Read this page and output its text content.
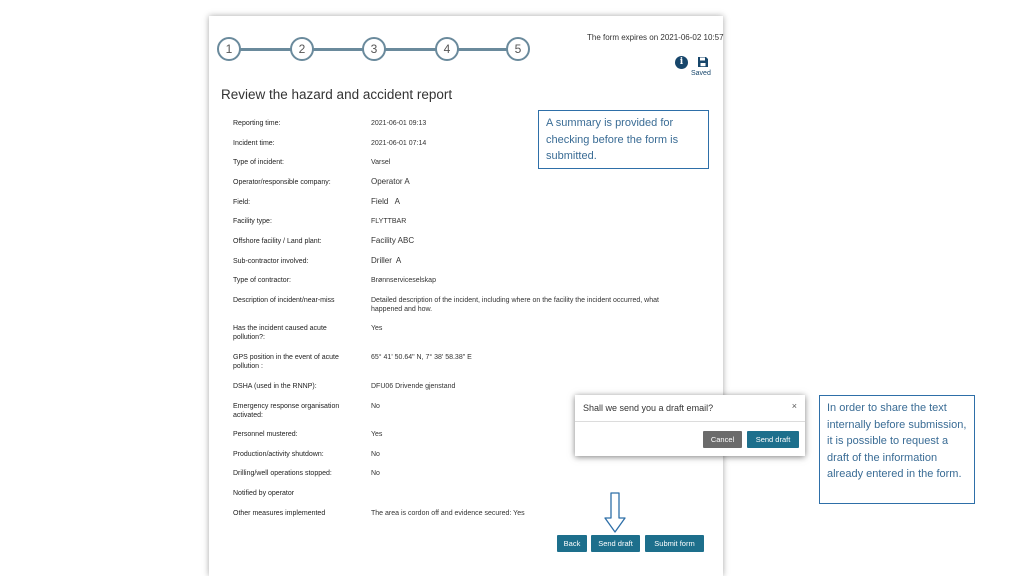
1	2	3	4	5
The form expires on 2021-06-02 10:57
i
Saved
Review the hazard and accident report
Reporting time:	2021-06-01 09:13
Incident time:	2021-06-01 07:14
Type of incident:	Varsel
Operator/responsible company:	Operator A
Field:	Field   A
Facility type:	FLYTTBAR
Offshore facility / Land plant:	Facility ABC
Sub-contractor involved:	Driller  A
Type of contractor:	Brønnserviceselskap
Description of incident/near-miss	Detailed description of the incident, including where on the facility the incident occurred, what happened and how.
Has the incident caused acute pollution?:
Yes
GPS position in the event of acute pollution :
65° 41' 50.64" N, 7° 38' 58.38" E
DSHA (used in the RNNP):	DFU06 Drivende gjenstand
Emergency response organisation activated:
No
Personnel mustered:	Yes
Production/activity shutdown:	No
Drilling/well operations stopped:	No
Notified by operator
Other measures implemented	The area is cordon off and evidence secured: Yes
Back	Send draft	Submit form
A summary is provided for checking before the form is submitted.
Shall we send you a draft email?	×
Cancel	Send draft
In order to share the text internally before submission, it is possible to request a draft of the information already entered in the form.
